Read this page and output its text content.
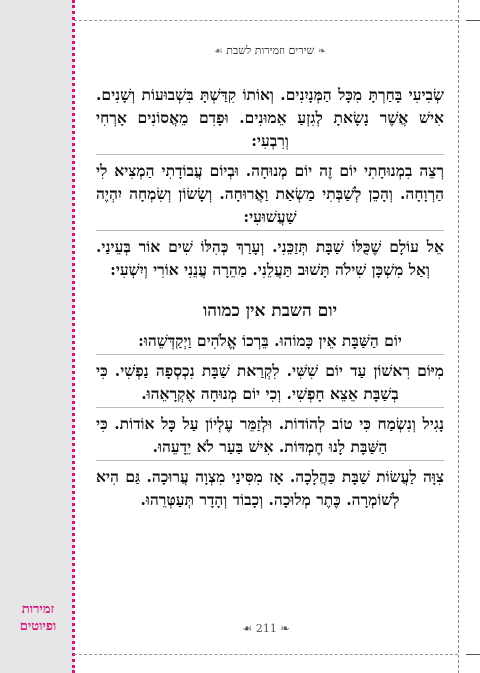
זמירות
ופיוטים
❧ שירים וזמירות לשבת ☙

שְׂבִיעִי בָּחַרְתָּ מִכָּל הַמְּנָיִנִים. וְאוֹתוֹ קִדַּשְׁתָּ בִּשְׁבוּעוֹת וְשָׁנִים. אִישׁ אֲשֶׁר נָשָׂאתָ לְגִזְעַ אֵמוּנִים. וּפָדִם מֵאֲסוֹנִים אָרְחִי וְרִבְעִי:

רְצֵה בִמְנוּחָתִי יוֹם זֶה יוֹם מְנוּחָה. וּבְיוֹם עֲבוֹדָתִי הַמְצִיא לִי הַרְוָחָה. וְהָכֵן לְשַׁבְּתִי מַשְׂאַת וַאֲרוּחָה. וְשָׂשׂוֹן וְשִׂמְחָה יִהְיֶה שַׁעֲשׁוּעִי:

אֵל עוֹלָם שֶׁכֻּלּוֹ שַׁבָּת תְּזַכֵּנִי. וְעָרַךְ כְּהִלּוֹ שִׁים אוֹר בְּעֵינַי. וְאַל מִשְׁכָּן שִׁילֹה תָּשׁוּב תַּעֲלֵנִי. מַהֵרָה עֲנֵנִי אוֹרִי וְיִשְׁעִי:

יום השבת אין כמוהו

יוֹם הַשַּׁבָּת אֵין כָּמוֹהוּ. בֵּרְכוֹ אֱלֹהִים וַיְקַדְּשֵׁהוּ:

מִיּוֹם רִאשׁוֹן עַד יוֹם שִׁשִּׁי. לִקְרַאת שַׁבָּת נִכְסְפָה נַפְשִׁי. כִּי בְשַׁבָּת אֵצֵא חָפְשִׁי. וְכִי יוֹם מְנוּחָה אֶקְרָאֵהוּ.

נָגִיל וְנִשְׂמַח כִּי טוֹב לְהוֹדוֹת. וּלְזַמֵּר עֶלְיוֹן עַל כָּל אוֹדוֹת. כִּי הַשַּׁבָּת לָנוּ חֶמְדּוֹת. אִישׁ בַּעַר לֹא יֵדָעֵהוּ.

צִוָּה לַעֲשׂוֹת שַׁבָּת כַּהֲלָכָה. אָז מִסִּינַי מִצְוָה עֲרוּכָה. גַּם הִיא לְשׁוֹמְרָה. כֶּתֶר מְלוּכָה. וְכָבוֹד וְהָדָר תְּעַטְּרֵהוּ.

❧ 211 ☙
